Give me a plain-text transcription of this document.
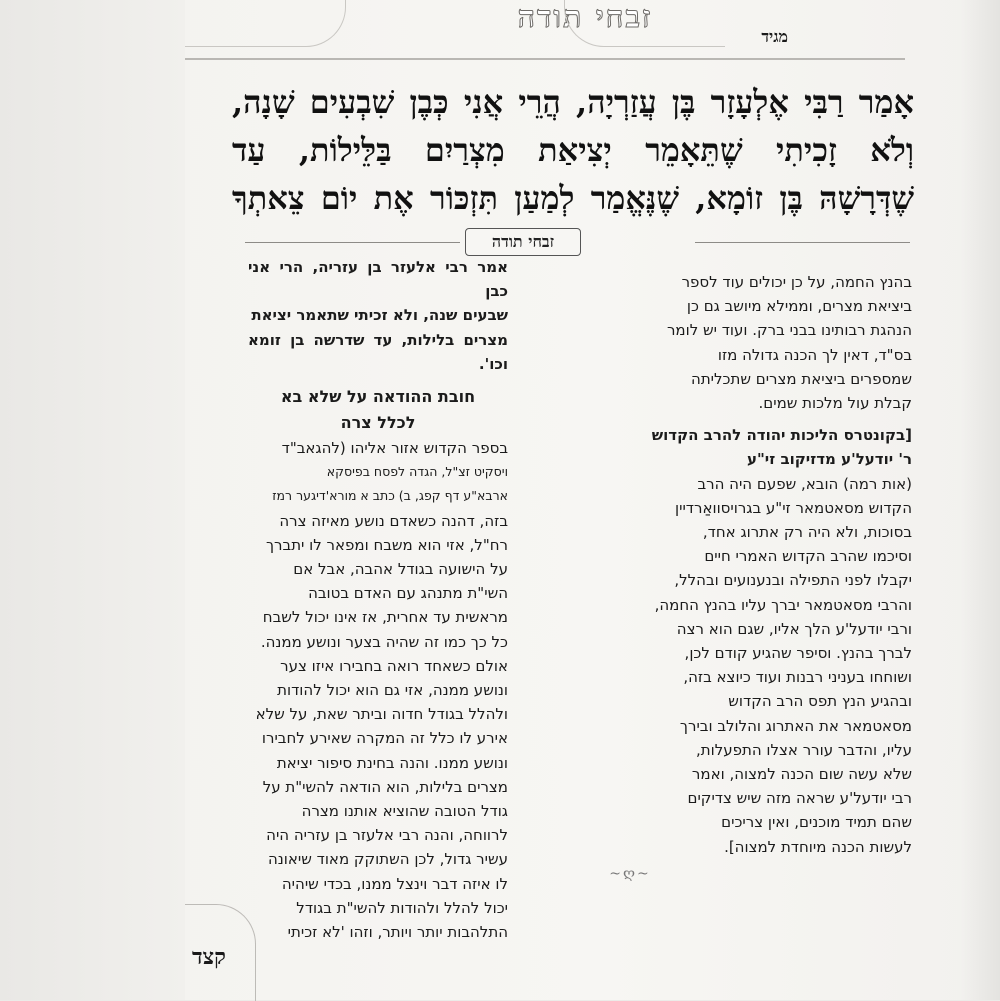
זבחי תודה
מגיד
אָמַר רַבִּי אֶלְעָזָר בֶּן עֲזַרְיָה, הֲרֵי אֲנִי כְּבֶן שִׁבְעִים שָׁנָה,
וְלֹא זָכִיתִי שֶׁתֵּאָמֵר יְצִיאַת מִצְרַיִם בַּלֵּילוֹת, עַד
שֶׁדְּרָשָׁהּ בֶּן זוֹמָא, שֶׁנֶּאֱמַר לְמַעַן תִּזְכּוֹר אֶת יוֹם צֵאתְךָ
זבחי תודה

בהנץ החמה, על כן יכולים עוד לספר

ביציאת מצרים, וממילא מיושב גם כן

הנהגת רבותינו בבני ברק. ועוד יש לומר

בס"ד, דאין לך הכנה גדולה מזו

שמספרים ביציאת מצרים שתכליתה

קבלת עול מלכות שמים.

[בקונטרס הליכות יהודה להרב הקדוש

ר' יודעל'ע מדזיקוב זי"ע

(אות רמה) הובא, שפעם היה הרב

הקדוש מסאטמאר זי"ע בגרויסוואַרדיין

בסוכות, ולא היה רק אתרוג אחד,

וסיכמו שהרב הקדוש האמרי חיים

יקבלו לפני התפילה ובנענועים ובהלל,

והרבי מסאטמאר יברך עליו בהנץ החמה,

ורבי יודעל'ע הלך אליו, שגם הוא רצה

לברך בהנץ. וסיפר שהגיע קודם לכן,

ושוחחו בעניני רבנות ועוד כיוצא בזה,

ובהגיע הנץ תפס הרב הקדוש

מסאטמאר את האתרוג והלולב ובירך

עליו, והדבר עורר אצלו התפעלות,

שלא עשה שום הכנה למצוה, ואמר

רבי יודעל'ע שראה מזה שיש צדיקים

שהם תמיד מוכנים, ואין צריכים

לעשות הכנה מיוחדת למצוה].

אמר רבי אלעזר בן עזריה, הרי אני כבן

שבעים שנה, ולא זכיתי שתאמר יציאת

מצרים בלילות, עד שדרשה בן זומא וכו'.

חובת ההודאה על שלא בא

לכלל צרה

בספר הקדוש אזור אליהו (להגאב"ד

ויסקיט זצ"ל, הגדה לפסח בפיסקא

ארבא"ע דף קפג, ב) כתב א מורא'דיגער רמז

בזה, דהנה כשאדם נושע מאיזה צרה

רח"ל, אזי הוא משבח ומפאר לו יתברך

על הישועה בגודל אהבה, אבל אם

השי"ת מתנהג עם האדם בטובה

מראשית עד אחרית, אז אינו יכול לשבח

כל כך כמו זה שהיה בצער ונושע ממנה.

אולם כשאחד רואה בחבירו איזו צער

ונושע ממנה, אזי גם הוא יכול להודות

ולהלל בגודל חדוה וביתר שאת, על שלא

אירע לו כלל זה המקרה שאירע לחבירו

ונושע ממנו. והנה בחינת סיפור יציאת

מצרים בלילות, הוא הודאה להשי"ת על

גודל הטובה שהוציא אותנו מצרה

לרווחה, והנה רבי אלעזר בן עזריה היה

עשיר גדול, לכן השתוקק מאוד שיאונה

לו איזה דבר וינצל ממנו, בכדי שיהיה

יכול להלל ולהודות להשי"ת בגודל

התלהבות יותר ויותר, וזהו 'לא זכיתי

~ღ~
קצד
